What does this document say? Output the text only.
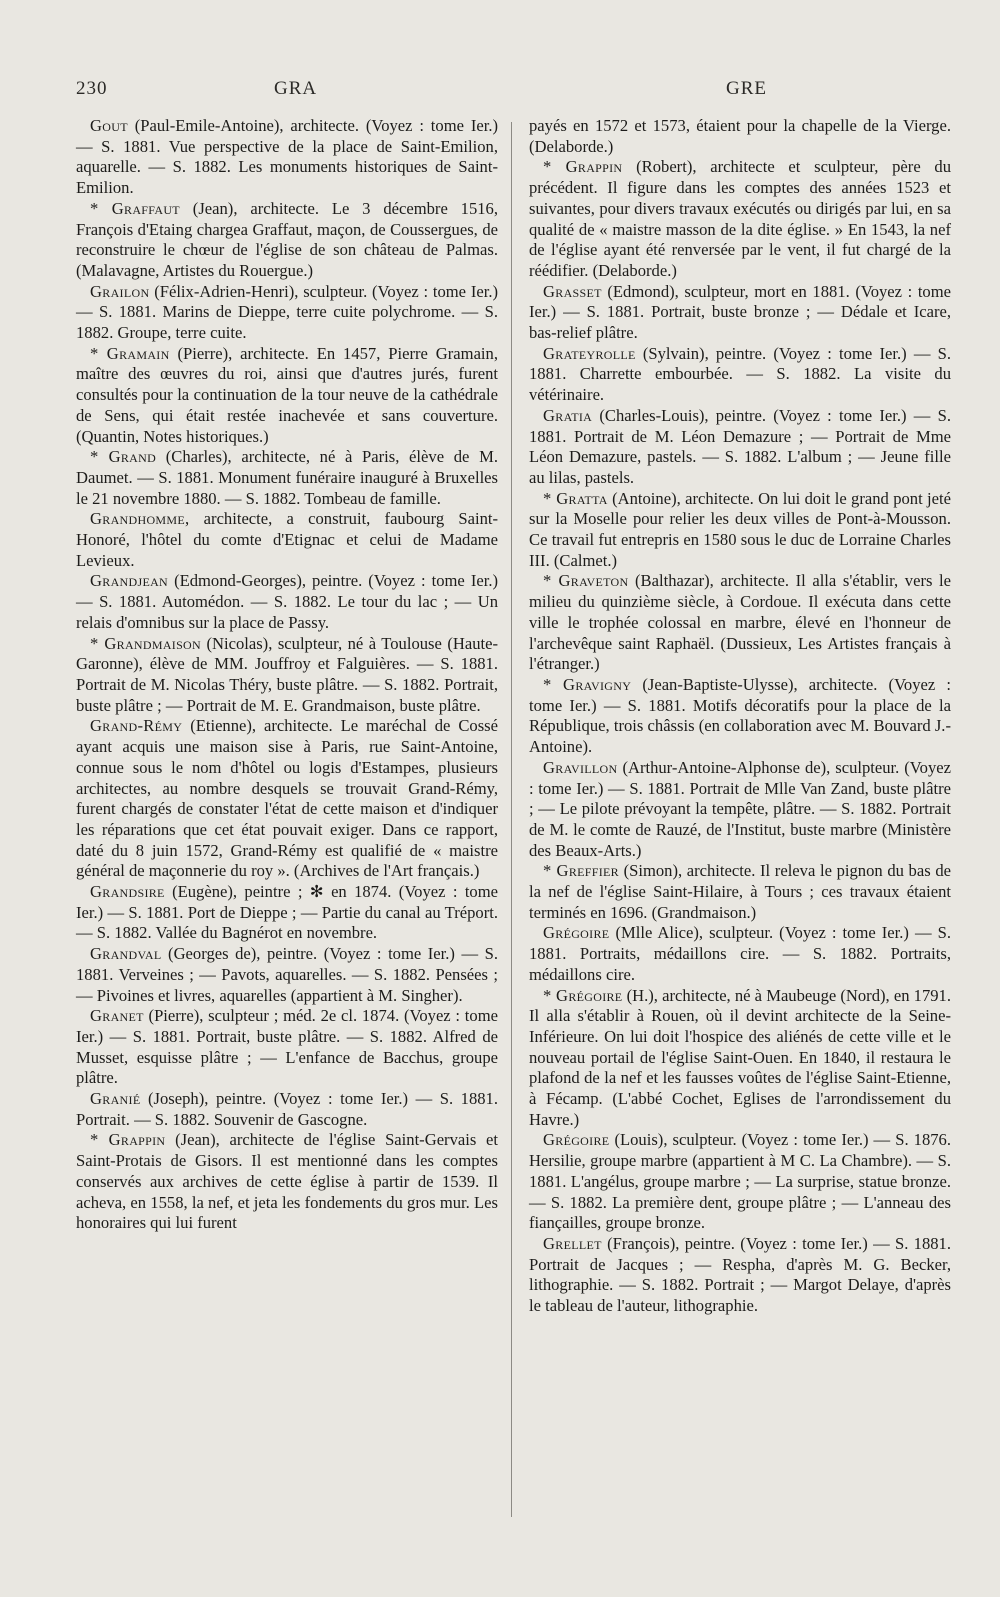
230	GRA	GRE

Gout (Paul-Emile-Antoine), architecte. (Voyez : tome Ier.) — S. 1881. Vue perspective de la place de Saint-Emilion, aquarelle. — S. 1882. Les monuments historiques de Saint-Emilion.

* Graffaut (Jean), architecte. Le 3 décembre 1516, François d'Etaing chargea Graffaut, maçon, de Coussergues, de reconstruire le chœur de l'église de son château de Palmas. (Malavagne, Artistes du Rouergue.)

Grailon (Félix-Adrien-Henri), sculpteur. (Voyez : tome Ier.) — S. 1881. Marins de Dieppe, terre cuite polychrome. — S. 1882. Groupe, terre cuite.

* Gramain (Pierre), architecte. En 1457, Pierre Gramain, maître des œuvres du roi, ainsi que d'autres jurés, furent consultés pour la continuation de la tour neuve de la cathédrale de Sens, qui était restée inachevée et sans couverture. (Quantin, Notes historiques.)

* Grand (Charles), architecte, né à Paris, élève de M. Daumet. — S. 1881. Monument funéraire inauguré à Bruxelles le 21 novembre 1880. — S. 1882. Tombeau de famille.

Grandhomme, architecte, a construit, faubourg Saint-Honoré, l'hôtel du comte d'Etignac et celui de Madame Levieux.

Grandjean (Edmond-Georges), peintre. (Voyez : tome Ier.) — S. 1881. Automédon. — S. 1882. Le tour du lac ; — Un relais d'omnibus sur la place de Passy.

* Grandmaison (Nicolas), sculpteur, né à Toulouse (Haute-Garonne), élève de MM. Jouffroy et Falguières. — S. 1881. Portrait de M. Nicolas Théry, buste plâtre. — S. 1882. Portrait, buste plâtre ; — Portrait de M. E. Grandmaison, buste plâtre.

Grand-Rémy (Etienne), architecte. Le maréchal de Cossé ayant acquis une maison sise à Paris, rue Saint-Antoine, connue sous le nom d'hôtel ou logis d'Estampes, plusieurs architectes, au nombre desquels se trouvait Grand-Rémy, furent chargés de constater l'état de cette maison et d'indiquer les réparations que cet état pouvait exiger. Dans ce rapport, daté du 8 juin 1572, Grand-Rémy est qualifié de « maistre général de maçonnerie du roy ». (Archives de l'Art français.)

Grandsire (Eugène), peintre ; ✻ en 1874. (Voyez : tome Ier.) — S. 1881. Port de Dieppe ; — Partie du canal au Tréport. — S. 1882. Vallée du Bagnérot en novembre.

Grandval (Georges de), peintre. (Voyez : tome Ier.) — S. 1881. Verveines ; — Pavots, aquarelles. — S. 1882. Pensées ; — Pivoines et livres, aquarelles (appartient à M. Singher).

Granet (Pierre), sculpteur ; méd. 2e cl. 1874. (Voyez : tome Ier.) — S. 1881. Portrait, buste plâtre. — S. 1882. Alfred de Musset, esquisse plâtre ; — L'enfance de Bacchus, groupe plâtre.

Granié (Joseph), peintre. (Voyez : tome Ier.) — S. 1881. Portrait. — S. 1882. Souvenir de Gascogne.

* Grappin (Jean), architecte de l'église Saint-Gervais et Saint-Protais de Gisors. Il est mentionné dans les comptes conservés aux archives de cette église à partir de 1539. Il acheva, en 1558, la nef, et jeta les fondements du gros mur. Les honoraires qui lui furent

payés en 1572 et 1573, étaient pour la chapelle de la Vierge. (Delaborde.)

* Grappin (Robert), architecte et sculpteur, père du précédent. Il figure dans les comptes des années 1523 et suivantes, pour divers travaux exécutés ou dirigés par lui, en sa qualité de « maistre masson de la dite église. » En 1543, la nef de l'église ayant été renversée par le vent, il fut chargé de la réédifier. (Delaborde.)

Grasset (Edmond), sculpteur, mort en 1881. (Voyez : tome Ier.) — S. 1881. Portrait, buste bronze ; — Dédale et Icare, bas-relief plâtre.

Grateyrolle (Sylvain), peintre. (Voyez : tome Ier.) — S. 1881. Charrette embourbée. — S. 1882. La visite du vétérinaire.

Gratia (Charles-Louis), peintre. (Voyez : tome Ier.) — S. 1881. Portrait de M. Léon Demazure ; — Portrait de Mme Léon Demazure, pastels. — S. 1882. L'album ; — Jeune fille au lilas, pastels.

* Gratta (Antoine), architecte. On lui doit le grand pont jeté sur la Moselle pour relier les deux villes de Pont-à-Mousson. Ce travail fut entrepris en 1580 sous le duc de Lorraine Charles III. (Calmet.)

* Graveton (Balthazar), architecte. Il alla s'établir, vers le milieu du quinzième siècle, à Cordoue. Il exécuta dans cette ville le trophée colossal en marbre, élevé en l'honneur de l'archevêque saint Raphaël. (Dussieux, Les Artistes français à l'étranger.)

* Gravigny (Jean-Baptiste-Ulysse), architecte. (Voyez : tome Ier.) — S. 1881. Motifs décoratifs pour la place de la République, trois châssis (en collaboration avec M. Bouvard J.-Antoine).

Gravillon (Arthur-Antoine-Alphonse de), sculpteur. (Voyez : tome Ier.) — S. 1881. Portrait de Mlle Van Zand, buste plâtre ; — Le pilote prévoyant la tempête, plâtre. — S. 1882. Portrait de M. le comte de Rauzé, de l'Institut, buste marbre (Ministère des Beaux-Arts.)

* Greffier (Simon), architecte. Il releva le pignon du bas de la nef de l'église Saint-Hilaire, à Tours ; ces travaux étaient terminés en 1696. (Grandmaison.)

Grégoire (Mlle Alice), sculpteur. (Voyez : tome Ier.) — S. 1881. Portraits, médaillons cire. — S. 1882. Portraits, médaillons cire.

* Grégoire (H.), architecte, né à Maubeuge (Nord), en 1791. Il alla s'établir à Rouen, où il devint architecte de la Seine-Inférieure. On lui doit l'hospice des aliénés de cette ville et le nouveau portail de l'église Saint-Ouen. En 1840, il restaura le plafond de la nef et les fausses voûtes de l'église Saint-Etienne, à Fécamp. (L'abbé Cochet, Eglises de l'arrondissement du Havre.)

Grégoire (Louis), sculpteur. (Voyez : tome Ier.) — S. 1876. Hersilie, groupe marbre (appartient à M C. La Chambre). — S. 1881. L'angélus, groupe marbre ; — La surprise, statue bronze. — S. 1882. La première dent, groupe plâtre ; — L'anneau des fiançailles, groupe bronze.

Grellet (François), peintre. (Voyez : tome Ier.) — S. 1881. Portrait de Jacques ; — Respha, d'après M. G. Becker, lithographie. — S. 1882. Portrait ; — Margot Delaye, d'après le tableau de l'auteur, lithographie.
